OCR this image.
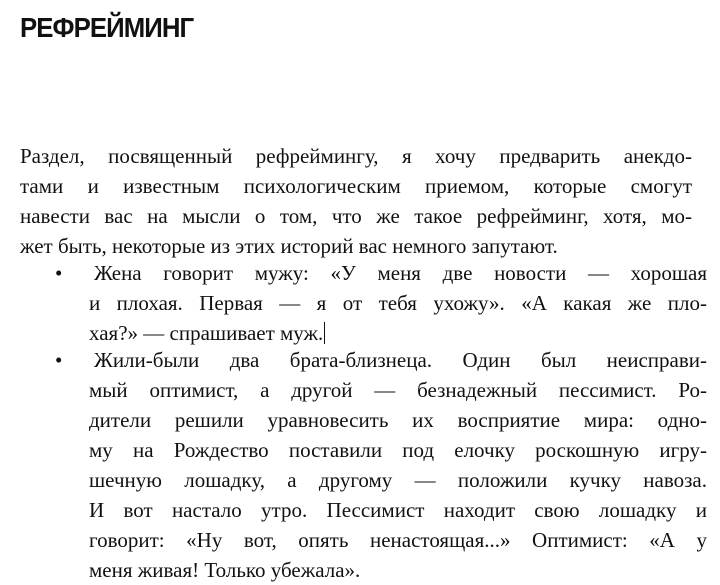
РЕФРЕЙМИНГ
Раздел, посвященный рефреймингу, я хочу предварить анекдо-
тами и известным психологическим приемом, которые смогут
навести вас на мысли о том, что же такое рефрейминг, хотя, мо-
жет быть, некоторые из этих историй вас немного запутают.
• Жена говорит мужу: «У меня две новости — хорошая
и плохая. Первая — я от тебя ухожу». «А какая же пло-
хая?» — спрашивает муж.
• Жили-были два брата-близнеца. Один был неисправи-
мый оптимист, а другой — безнадежный пессимист. Ро-
дители решили уравновесить их восприятие мира: одно-
му на Рождество поставили под елочку роскошную игру-
шечную лошадку, а другому — положили кучку навоза.
И вот настало утро. Пессимист находит свою лошадку и
говорит: «Ну вот, опять ненастоящая...» Оптимист: «А у
меня живая! Только убежала».
